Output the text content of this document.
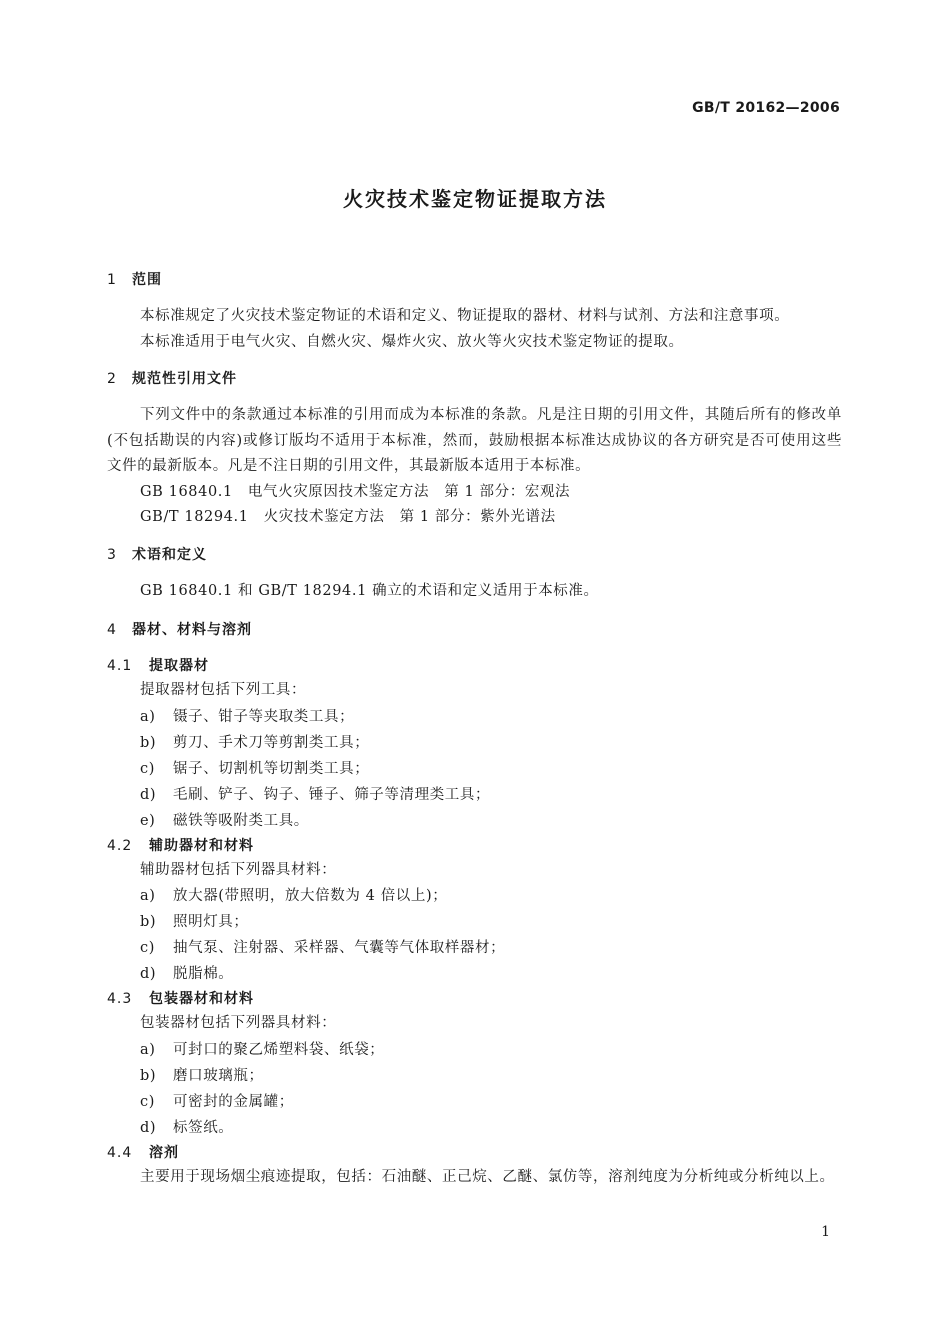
GB/T 20162—2006
火灾技术鉴定物证提取方法
1 范围

本标准规定了火灾技术鉴定物证的术语和定义、物证提取的器材、材料与试剂、方法和注意事项。

本标准适用于电气火灾、自燃火灾、爆炸火灾、放火等火灾技术鉴定物证的提取。

2 规范性引用文件

下列文件中的条款通过本标准的引用而成为本标准的条款。凡是注日期的引用文件，其随后所有的修改单(不包括勘误的内容)或修订版均不适用于本标准，然而，鼓励根据本标准达成协议的各方研究是否可使用这些文件的最新版本。凡是不注日期的引用文件，其最新版本适用于本标准。

GB 16840.1　电气火灾原因技术鉴定方法　第 1 部分：宏观法

GB/T 18294.1　火灾技术鉴定方法　第 1 部分：紫外光谱法

3 术语和定义

GB 16840.1 和 GB/T 18294.1 确立的术语和定义适用于本标准。

4 器材、材料与溶剂
4.1 提取器材

提取器材包括下列工具：

a) 镊子、钳子等夹取类工具；

b) 剪刀、手术刀等剪割类工具；

c) 锯子、切割机等切割类工具；

d) 毛刷、铲子、钩子、锤子、筛子等清理类工具；

e) 磁铁等吸附类工具。

4.2 辅助器材和材料

辅助器材包括下列器具材料：

a) 放大器(带照明，放大倍数为 4 倍以上)；

b) 照明灯具；

c) 抽气泵、注射器、采样器、气囊等气体取样器材；

d) 脱脂棉。

4.3 包装器材和材料

包装器材包括下列器具材料：

a) 可封口的聚乙烯塑料袋、纸袋；

b) 磨口玻璃瓶；

c) 可密封的金属罐；

d) 标签纸。

4.4 溶剂

主要用于现场烟尘痕迹提取，包括：石油醚、正己烷、乙醚、氯仿等，溶剂纯度为分析纯或分析纯以上。

1
